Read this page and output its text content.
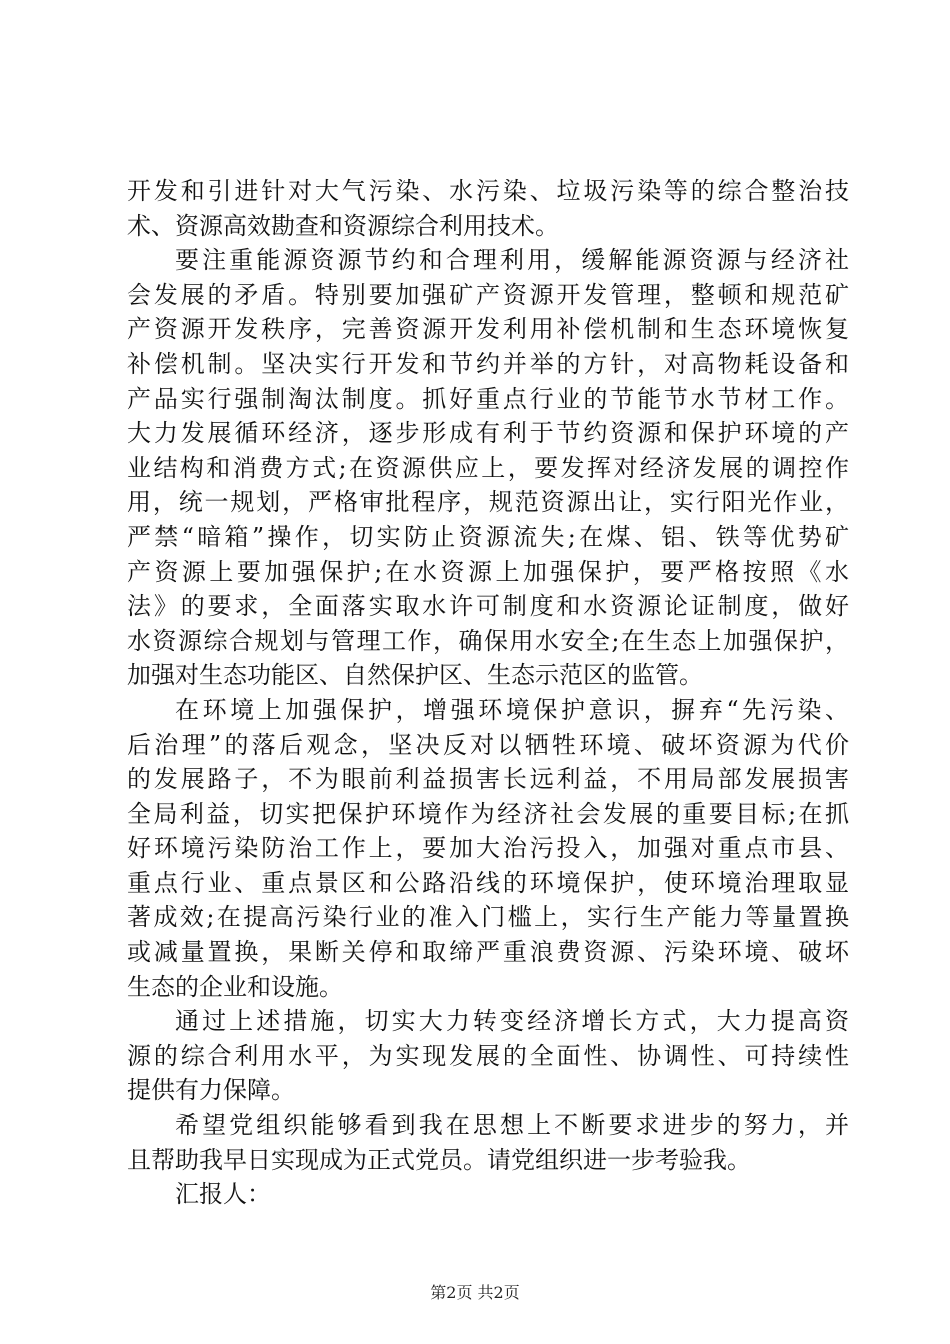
开发和引进针对大气污染、水污染、垃圾污染等的综合整治技
术、资源高效勘查和资源综合利用技术。
要注重能源资源节约和合理利用，缓解能源资源与经济社
会发展的矛盾。特别要加强矿产资源开发管理，整顿和规范矿
产资源开发秩序，完善资源开发利用补偿机制和生态环境恢复
补偿机制。坚决实行开发和节约并举的方针，对高物耗设备和
产品实行强制淘汰制度。抓好重点行业的节能节水节材工作。
大力发展循环经济，逐步形成有利于节约资源和保护环境的产
业结构和消费方式;在资源供应上，要发挥对经济发展的调控作
用，统一规划，严格审批程序，规范资源出让，实行阳光作业，
严禁“暗箱”操作，切实防止资源流失;在煤、铝、铁等优势矿
产资源上要加强保护;在水资源上加强保护，要严格按照《水
法》的要求，全面落实取水许可制度和水资源论证制度，做好
水资源综合规划与管理工作，确保用水安全;在生态上加强保护，
加强对生态功能区、自然保护区、生态示范区的监管。
在环境上加强保护，增强环境保护意识，摒弃“先污染、
后治理”的落后观念，坚决反对以牺牲环境、破坏资源为代价
的发展路子，不为眼前利益损害长远利益，不用局部发展损害
全局利益，切实把保护环境作为经济社会发展的重要目标;在抓
好环境污染防治工作上，要加大治污投入，加强对重点市县、
重点行业、重点景区和公路沿线的环境保护，使环境治理取显
著成效;在提高污染行业的准入门槛上，实行生产能力等量置换
或减量置换，果断关停和取缔严重浪费资源、污染环境、破坏
生态的企业和设施。
通过上述措施，切实大力转变经济增长方式，大力提高资
源的综合利用水平，为实现发展的全面性、协调性、可持续性
提供有力保障。
希望党组织能够看到我在思想上不断要求进步的努力，并
且帮助我早日实现成为正式党员。请党组织进一步考验我。
汇报人：
第2页 共2页
